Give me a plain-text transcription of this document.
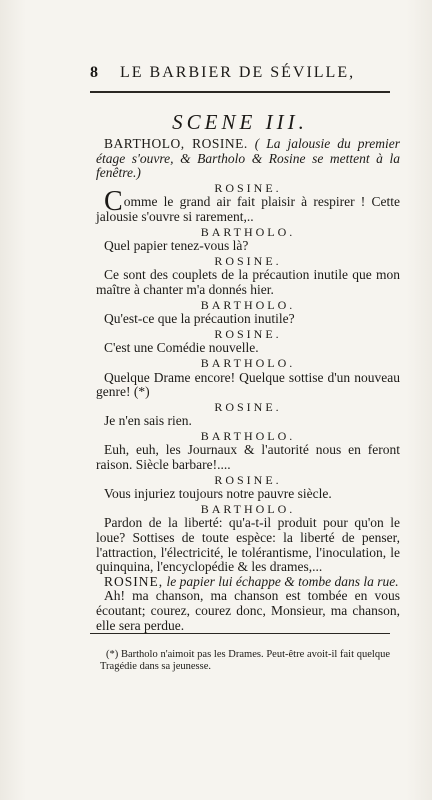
8 LE BARBIER DE SÉVILLE,
SCENE III.

BARTHOLO, ROSINE. ( La jalousie du premier étage s'ouvre, & Bartholo & Rosine se mettent à la fenêtre.)

ROSINE.

Comme le grand air fait plaisir à respirer ! Cette jalousie s'ouvre si rarement,..

BARTHOLO.

Quel papier tenez-vous là?

ROSINE.

Ce sont des couplets de la précaution inutile que mon maître à chanter m'a donnés hier.

BARTHOLO.

Qu'est-ce que la précaution inutile?

ROSINE.

C'est une Comédie nouvelle.

BARTHOLO.

Quelque Drame encore! Quelque sottise d'un nouveau genre! (*)

ROSINE.

Je n'en sais rien.

BARTHOLO.

Euh, euh, les Journaux & l'autorité nous en feront raison. Siècle barbare!....

ROSINE.

Vous injuriez toujours notre pauvre siècle.

BARTHOLO.

Pardon de la liberté: qu'a-t-il produit pour qu'on le loue? Sottises de toute espèce: la liberté de penser, l'attraction, l'électricité, le tolérantisme, l'inoculation, le quinquina, l'encyclopédie & les drames,...

ROSINE, le papier lui échappe & tombe dans la rue.

Ah! ma chanson, ma chanson est tombée en vous écoutant; courez, courez donc, Monsieur, ma chanson, elle sera perdue.

(*) Bartholo n'aimoit pas les Drames. Peut-être avoit-il fait quelque Tragédie dans sa jeunesse.
